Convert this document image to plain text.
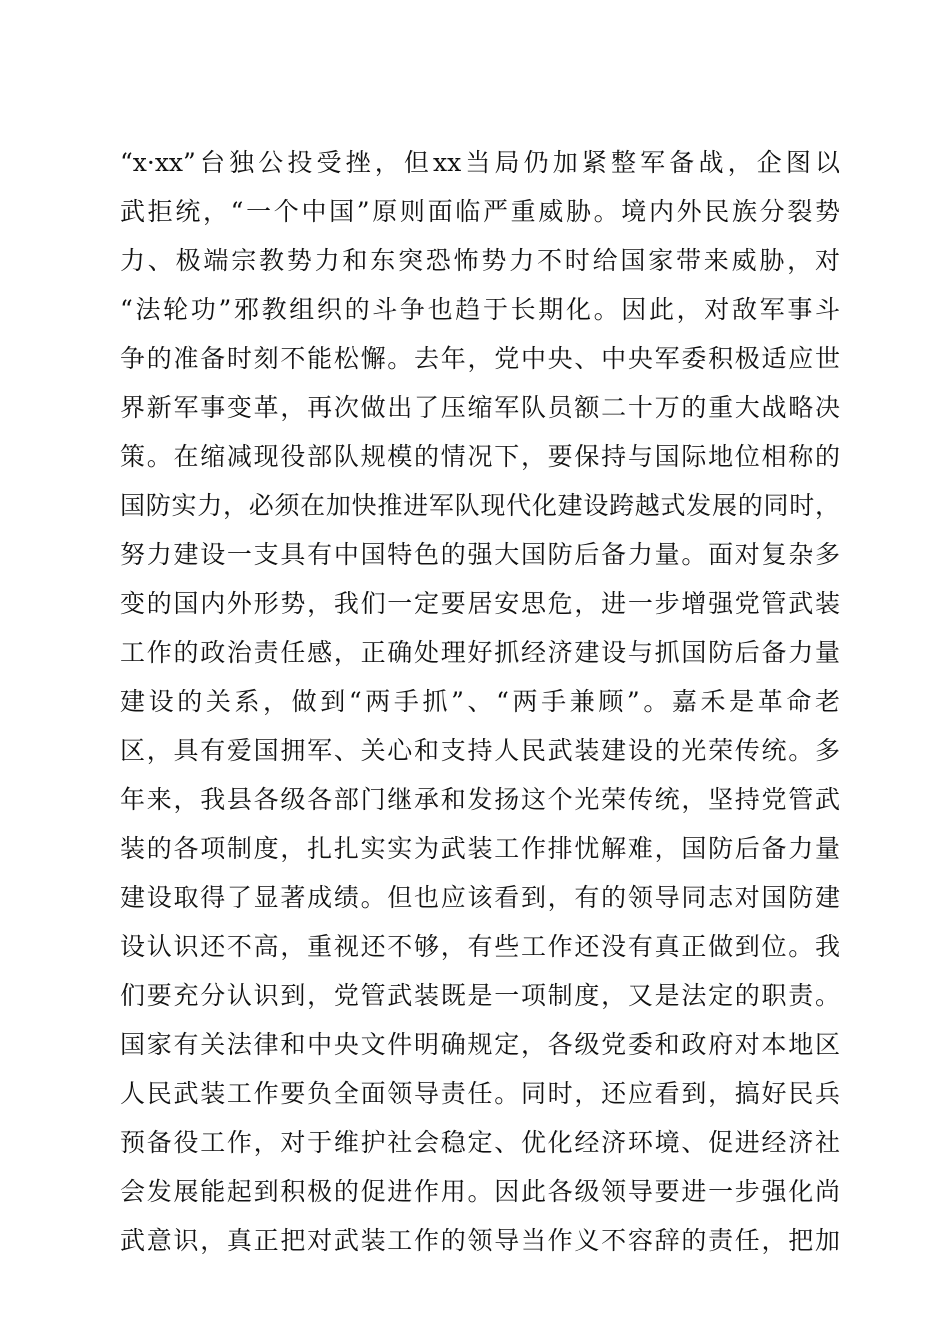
“x·xx”台独公投受挫，但xx当局仍加紧整军备战，企图以
武拒统，“一个中国”原则面临严重威胁。境内外民族分裂势
力、极端宗教势力和东突恐怖势力不时给国家带来威胁，对
“法轮功”邪教组织的斗争也趋于长期化。因此，对敌军事斗
争的准备时刻不能松懈。去年，党中央、中央军委积极适应世
界新军事变革，再次做出了压缩军队员额二十万的重大战略决
策。在缩减现役部队规模的情况下，要保持与国际地位相称的
国防实力，必须在加快推进军队现代化建设跨越式发展的同时，
努力建设一支具有中国特色的强大国防后备力量。面对复杂多
变的国内外形势，我们一定要居安思危，进一步增强党管武装
工作的政治责任感，正确处理好抓经济建设与抓国防后备力量
建设的关系，做到“两手抓”、“两手兼顾”。嘉禾是革命老
区，具有爱国拥军、关心和支持人民武装建设的光荣传统。多
年来，我县各级各部门继承和发扬这个光荣传统，坚持党管武
装的各项制度，扎扎实实为武装工作排忧解难，国防后备力量
建设取得了显著成绩。但也应该看到，有的领导同志对国防建
设认识还不高，重视还不够，有些工作还没有真正做到位。我
们要充分认识到，党管武装既是一项制度，又是法定的职责。
国家有关法律和中央文件明确规定，各级党委和政府对本地区
人民武装工作要负全面领导责任。同时，还应看到，搞好民兵
预备役工作，对于维护社会稳定、优化经济环境、促进经济社
会发展能起到积极的促进作用。因此各级领导要进一步强化尚
武意识，真正把对武装工作的领导当作义不容辞的责任，把加
